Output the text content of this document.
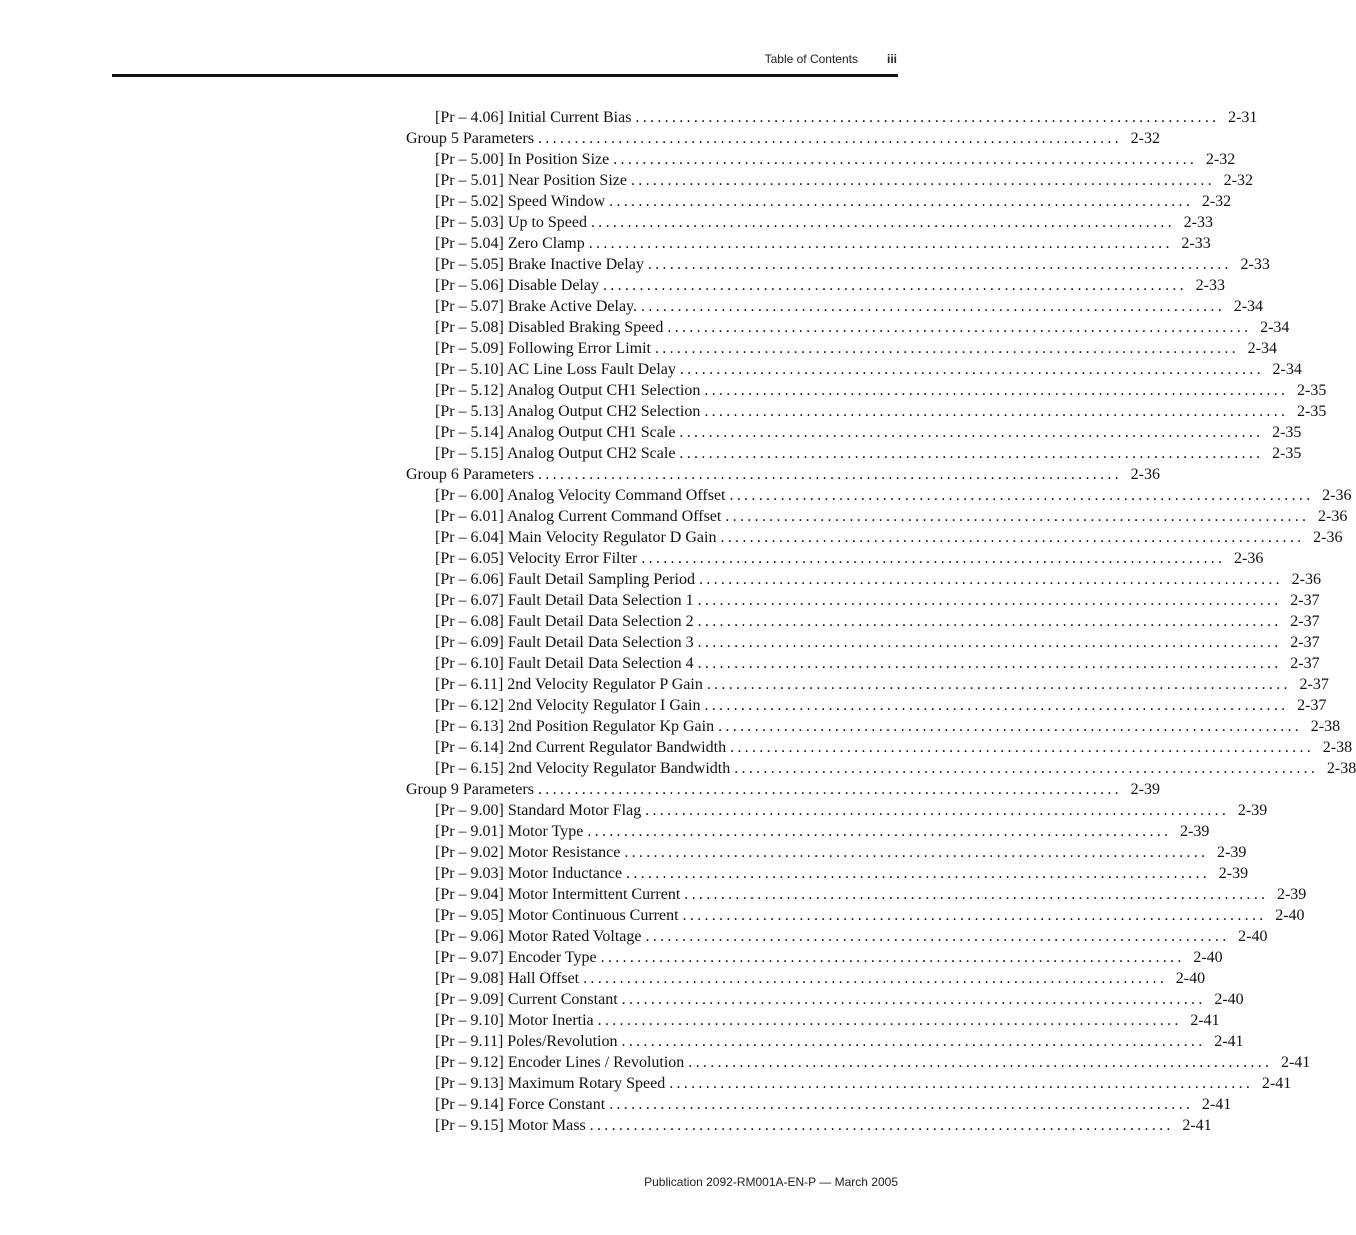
Table of Contents iii
[Pr – 4.06] Initial Current Bias ................................................................................ 2-31
Group 5 Parameters ................................................................................ 2-32
[Pr – 5.00] In Position Size ................................................................................ 2-32
[Pr – 5.01] Near Position Size ................................................................................ 2-32
[Pr – 5.02] Speed Window ................................................................................ 2-32
[Pr – 5.03] Up to Speed ................................................................................ 2-33
[Pr – 5.04] Zero Clamp ................................................................................ 2-33
[Pr – 5.05] Brake Inactive Delay ................................................................................ 2-33
[Pr – 5.06] Disable Delay ................................................................................ 2-33
[Pr – 5.07] Brake Active Delay. ................................................................................ 2-34
[Pr – 5.08] Disabled Braking Speed ................................................................................ 2-34
[Pr – 5.09] Following Error Limit ................................................................................ 2-34
[Pr – 5.10] AC Line Loss Fault Delay ................................................................................ 2-34
[Pr – 5.12] Analog Output CH1 Selection ................................................................................ 2-35
[Pr – 5.13] Analog Output CH2 Selection ................................................................................ 2-35
[Pr – 5.14] Analog Output CH1 Scale ................................................................................ 2-35
[Pr – 5.15] Analog Output CH2 Scale ................................................................................ 2-35
Group 6 Parameters ................................................................................ 2-36
[Pr – 6.00] Analog Velocity Command Offset ................................................................................ 2-36
[Pr – 6.01] Analog Current Command Offset ................................................................................ 2-36
[Pr – 6.04] Main Velocity Regulator D Gain ................................................................................ 2-36
[Pr – 6.05] Velocity Error Filter ................................................................................ 2-36
[Pr – 6.06] Fault Detail Sampling Period ................................................................................ 2-36
[Pr – 6.07] Fault Detail Data Selection 1 ................................................................................ 2-37
[Pr – 6.08] Fault Detail Data Selection 2 ................................................................................ 2-37
[Pr – 6.09] Fault Detail Data Selection 3 ................................................................................ 2-37
[Pr – 6.10] Fault Detail Data Selection 4 ................................................................................ 2-37
[Pr – 6.11] 2nd Velocity Regulator P Gain ................................................................................ 2-37
[Pr – 6.12] 2nd Velocity Regulator I Gain ................................................................................ 2-37
[Pr – 6.13] 2nd Position Regulator Kp Gain ................................................................................ 2-38
[Pr – 6.14] 2nd Current Regulator Bandwidth ................................................................................ 2-38
[Pr – 6.15] 2nd Velocity Regulator Bandwidth ................................................................................ 2-38
Group 9 Parameters ................................................................................ 2-39
[Pr – 9.00] Standard Motor Flag ................................................................................ 2-39
[Pr – 9.01] Motor Type ................................................................................ 2-39
[Pr – 9.02] Motor Resistance ................................................................................ 2-39
[Pr – 9.03] Motor Inductance ................................................................................ 2-39
[Pr – 9.04] Motor Intermittent Current ................................................................................ 2-39
[Pr – 9.05] Motor Continuous Current ................................................................................ 2-40
[Pr – 9.06] Motor Rated Voltage ................................................................................ 2-40
[Pr – 9.07] Encoder Type ................................................................................ 2-40
[Pr – 9.08] Hall Offset ................................................................................ 2-40
[Pr – 9.09] Current Constant ................................................................................ 2-40
[Pr – 9.10] Motor Inertia ................................................................................ 2-41
[Pr – 9.11] Poles/Revolution ................................................................................ 2-41
[Pr – 9.12] Encoder Lines / Revolution ................................................................................ 2-41
[Pr – 9.13] Maximum Rotary Speed ................................................................................ 2-41
[Pr – 9.14] Force Constant ................................................................................ 2-41
[Pr – 9.15] Motor Mass ................................................................................ 2-41
Publication 2092-RM001A-EN-P — March 2005
